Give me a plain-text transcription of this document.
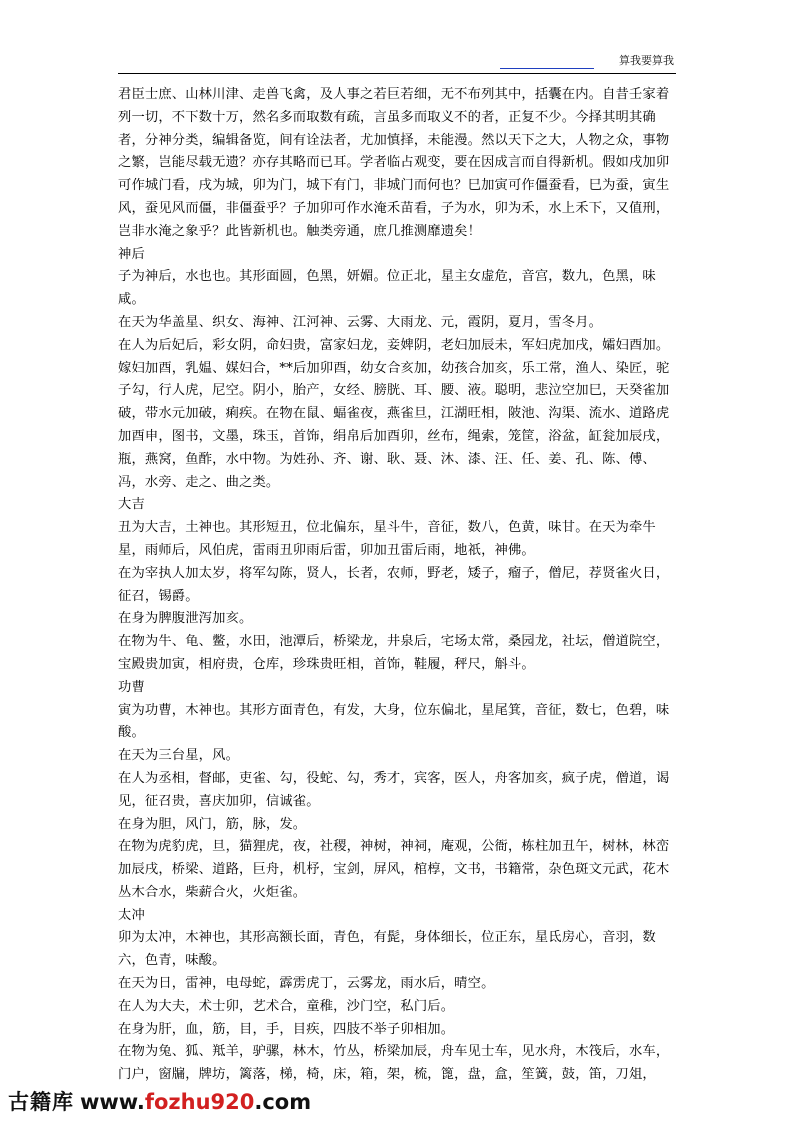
算我要算我

君臣士庶、山林川津、走兽飞禽，及人事之若巨若细，无不布列其中，括囊在内。自昔壬家着列一切，不下数十万，然名多而取数有疏，言虽多而取义不的者，正复不少。今择其明其确者，分神分类，编辑备览，间有诠法者，尤加慎择，未能漫。然以天下之大，人物之众，事物之繁，岂能尽载无遗？亦存其略而已耳。学者临占观变，要在因成言而自得新机。假如戌加卯可作城门看，戌为城，卯为门，城下有门，非城门而何也？巳加寅可作僵蚕看，巳为蚕，寅生风，蚕见风而僵，非僵蚕乎？子加卯可作水淹禾苗看，子为水，卯为禾，水上禾下，又值刑，岂非水淹之象乎？此皆新机也。触类旁通，庶几推测靡遗矣！

神后

子为神后，水也也。其形面圆，色黑，妍媚。位正北，星主女虚危，音宫，数九，色黑，味咸。

在天为华盖星、织女、海神、江河神、云雾、大雨龙、元，霞阴，夏月，雪冬月。

在人为后妃后，彩女阴，命妇贵，富家妇龙，妾婢阴，老妇加辰未，军妇虎加戌，孀妇酉加。嫁妇加酉，乳媪、媒妇合，**后加卯酉，幼女合亥加，幼孩合加亥，乐工常，渔人、染匠，驼子勾，行人虎，尼空。阴小，胎产，女经、膀胱、耳、腰、液。聪明，悲泣空加巳，天癸雀加破，带水元加破，痢疾。在物在鼠、蝠雀夜，燕雀旦，江湖旺相，陂池、沟渠、流水、道路虎加酉申，图书，文墨，珠玉，首饰，绢帛后加酉卯，丝布，绳索，笼筐，浴盆，缸瓮加辰戌，瓶，燕窝，鱼酢，水中物。为姓孙、齐、谢、耿、聂、沐、漆、汪、任、姜、孔、陈、傅、冯，水旁、走之、曲之类。

大吉

丑为大吉，土神也。其形短丑，位北偏东，星斗牛，音征，数八，色黄，味甘。在天为牵牛星，雨师后，风伯虎，雷雨丑卯雨后雷，卯加丑雷后雨，地祇，神佛。

在为宰执人加太岁，将军勾陈，贤人，长者，农师，野老，矮子，瘤子，僧尼，荐贤雀火日，征召，锡爵。

在身为脾腹泄泻加亥。

在物为牛、龟、鳖，水田，池潭后，桥梁龙，井泉后，宅场太常，桑园龙，社坛，僧道院空，宝殿贵加寅，相府贵，仓库，珍珠贵旺相，首饰，鞋履，秤尺，斛斗。

功曹

寅为功曹，木神也。其形方面青色，有发，大身，位东偏北，星尾箕，音征，数七，色碧，味酸。

在天为三台星，风。

在人为丞相，督邮，吏雀、勾，役蛇、勾，秀才，宾客，医人，舟客加亥，疯子虎，僧道，谒见，征召贵，喜庆加卯，信诚雀。

在身为胆，风门，筋，脉，发。

在物为虎豹虎，旦，猫狸虎，夜，社稷，神树，神祠，庵观，公衙，栋柱加丑午，树林，林峦加辰戌，桥梁、道路，巨舟，机杼，宝剑，屏风，棺椁，文书，书籍常，杂色斑文元武，花木丛木合水，柴薪合火，火炬雀。

太冲

卯为太冲，木神也，其形高额长面，青色，有髭，身体细长，位正东，星氐房心，音羽，数六，色青，味酸。

在天为日，雷神，电母蛇，霹雳虎丁，云雾龙，雨水后，晴空。

在人为大夫，术士卯，艺术合，童稚，沙门空，私门后。

在身为肝，血，筋，目，手，目疾，四肢不举子卯相加。

在物为兔、狐、羝羊，驴骡，林木，竹丛，桥梁加辰，舟车见士车，见水舟，木筏后，水车，门户，窗牖，牌坊，篱落，梯，椅，床，箱，架，梳，篦，盘，盒，笙簧，鼓，笛，刀俎，

古籍库 www.fozhu920.com
